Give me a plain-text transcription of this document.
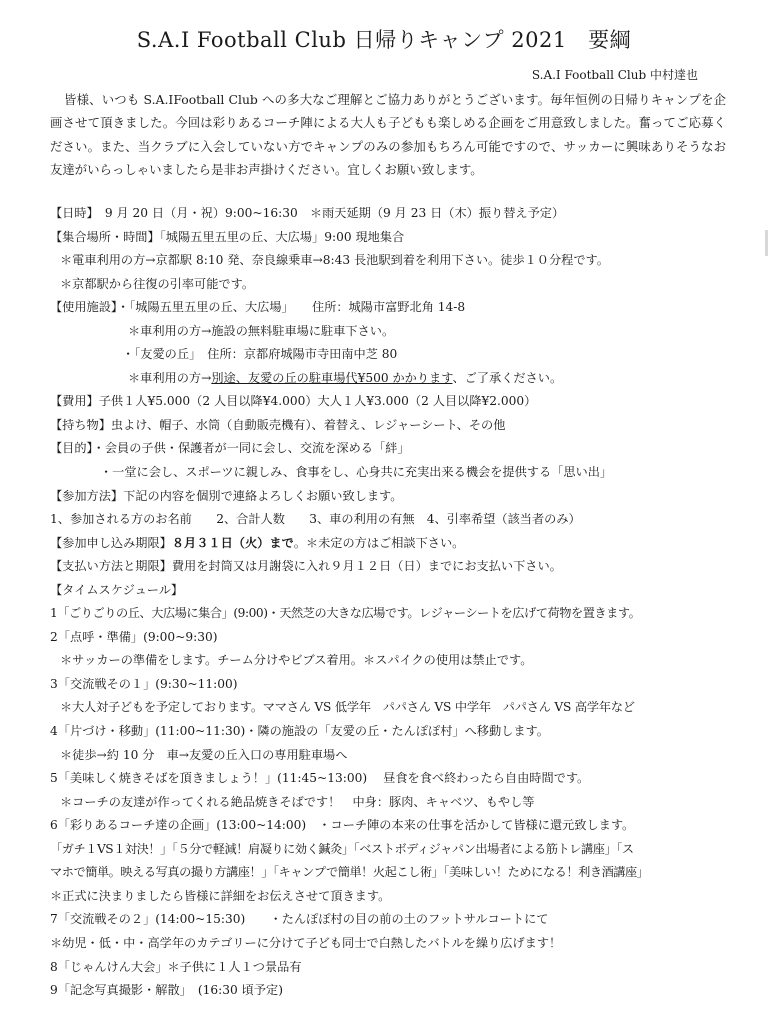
S.A.I Football Club 日帰りキャンプ 2021　要綱
S.A.I Football Club 中村達也
皆様、いつも S.A.IFootball Club への多大なご理解とご協力ありがとうございます。毎年恒例の日帰りキャンプを企画させて頂きました。今回は彩りあるコーチ陣による大人も子どもも楽しめる企画をご用意致しました。奮ってご応募ください。また、当クラブに入会していない方でキャンプのみの参加もちろん可能ですので、サッカーに興味ありそうなお友達がいらっしゃいましたら是非お声掛けください。宜しくお願い致します。
【日時】　9 月 20 日（月・祝）9:00~16:30　＊雨天延期（9 月 23 日（木）振り替え予定）
【集合場所・時間】「城陽五里五里の丘、大広場」9:00 現地集合
＊電車利用の方→京都駅 8:10 発、奈良線乗車→8:43 長池駅到着を利用下さい。徒歩１０分程です。
＊京都駅から往復の引率可能です。
【使用施設】・「城陽五里五里の丘、大広場」　　住所：城陽市富野北角 14-8
＊車利用の方→施設の無料駐車場に駐車下さい。
・「友愛の丘」　住所：京都府城陽市寺田南中芝 80
＊車利用の方→別途、友愛の丘の駐車場代¥500 かかります、ご了承ください。
【費用】子供１人¥5.000（2 人目以降¥4.000）大人１人¥3.000（2 人目以降¥2.000）
【持ち物】虫よけ、帽子、水筒（自動販売機有）、着替え、レジャーシート、その他
【目的】・会員の子供・保護者が一同に会し、交流を深める「絆」
・一堂に会し、スポーツに親しみ、食事をし、心身共に充実出来る機会を提供する「思い出」
【参加方法】下記の内容を個別で連絡よろしくお願い致します。
1、参加される方のお名前　　2、合計人数　　3、車の利用の有無　4、引率希望（該当者のみ）
【参加申し込み期限】８月３１日（火）まで。＊未定の方はご相談下さい。
【支払い方法と期限】費用を封筒又は月謝袋に入れ９月１２日（日）までにお支払い下さい。
【タイムスケジュール】
1「ごりごりの丘、大広場に集合」(9:00)・天然芝の大きな広場です。レジャーシートを広げて荷物を置きます。
2「点呼・準備」(9:00~9:30)
＊サッカーの準備をします。チーム分けやビブス着用。＊スパイクの使用は禁止です。
3「交流戦その１」(9:30~11:00)
＊大人対子どもを予定しております。ママさん VS 低学年　パパさん VS 中学年　パパさん VS 高学年など
4「片づけ・移動」(11:00~11:30)・隣の施設の「友愛の丘・たんぽぽ村」へ移動します。
＊徒歩→約 10 分　車→友愛の丘入口の専用駐車場へ
5「美味しく焼きそばを頂きましょう！」(11:45~13:00)　 昼食を食べ終わったら自由時間です。
＊コーチの友達が作ってくれる絶品焼きそばです！　中身：豚肉、キャベツ、もやし等
6「彩りあるコーチ達の企画」(13:00~14:00)　・コーチ陣の本来の仕事を活かして皆様に還元致します。
「ガチ１VS１対決！」「５分で軽減！肩凝りに効く鍼灸」「ベストボディジャパン出場者による筋トレ講座」「ス
マホで簡単。映える写真の撮り方講座！」「キャンプで簡単！火起こし術」「美味しい！ためになる！利き酒講座」
＊正式に決まりましたら皆様に詳細をお伝えさせて頂きます。
7「交流戦その２」(14:00~15:30)　　・たんぽぽ村の目の前の土のフットサルコートにて
＊幼児・低・中・高学年のカテゴリーに分けて子ども同士で白熱したバトルを繰り広げます！
8「じゃんけん大会」＊子供に１人１つ景品有
9「記念写真撮影・解散」　(16:30 頃予定)
